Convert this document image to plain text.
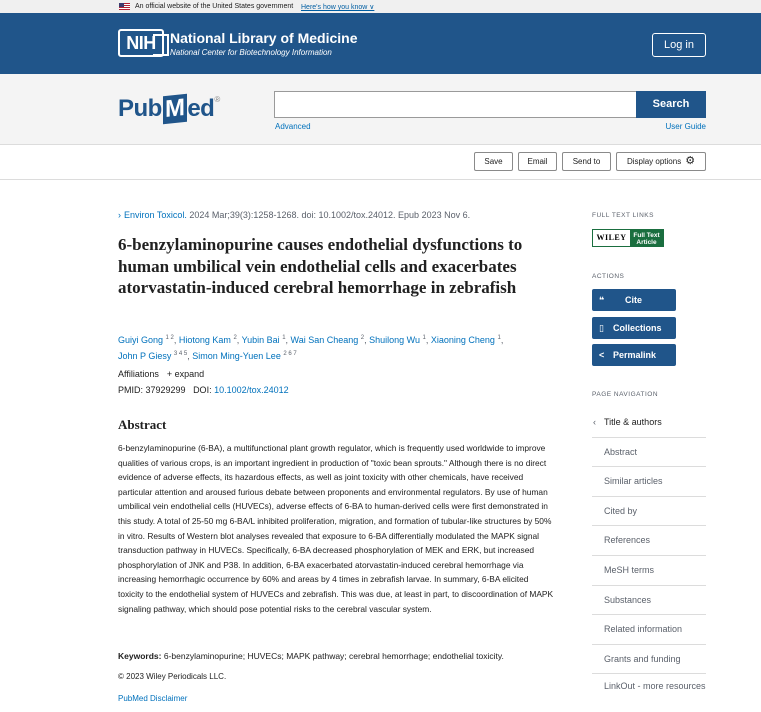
An official website of the United States government Here's how you know ∨
NIH	National Library of Medicine
National Center for Biotechnology Information
Log in
Pub M ed®	Search
Advanced	User Guide
Save	Email	Send to	Display options ⚙
› Environ Toxicol. 2024 Mar;39(3):1258-1268. doi: 10.1002/tox.24012. Epub 2023 Nov 6.
6-benzylaminopurine causes endothelial dysfunctions to human umbilical vein endothelial cells and exacerbates atorvastatin-induced cerebral hemorrhage in zebrafish
Guiyi Gong $^{1 2}$, Hiotong Kam $^2$, Yubin Bai $^1$, Wai San Cheang $^2$, Shuilong Wu $^1$, Xiaoning Cheng $^1$,
John P Giesy $^{3 4 5}$, Simon Ming-Yuen Lee $^{2 6 7}$
Affiliations + expand
PMID: 37929299 DOI: 10.1002/tox.24012
Abstract
6-benzylaminopurine (6-BA), a multifunctional plant growth regulator, which is frequently used worldwide to improve qualities of various crops, is an important ingredient in production of "toxic bean sprouts." Although there is no direct evidence of adverse effects, its hazardous effects, as well as joint toxicity with other chemicals, have received particular attention and aroused furious debate between proponents and environmental regulators. By use of human umbilical vein endothelial cells (HUVECs), adverse effects of 6-BA to human-derived cells were first demonstrated in this study. A total of 25-50 mg 6-BA/L inhibited proliferation, migration, and formation of tubular-like structures by 50% in vitro. Results of Western blot analyses revealed that exposure to 6-BA differentially modulated the MAPK signal transduction pathway in HUVECs. Specifically, 6-BA decreased phosphorylation of MEK and ERK, but increased phosphorylation of JNK and P38. In addition, 6-BA exacerbated atorvastatin-induced cerebral hemorrhage via increasing hemorrhagic occurrence by 60% and areas by 4 times in zebrafish larvae. In summary, 6-BA elicited toxicity to the endothelial system of HUVECs and zebrafish. This was due, at least in part, to discoordination of MAPK signaling pathway, which should pose potential risks to the cerebral vascular system.
Keywords: 6-benzylaminopurine; HUVECs; MAPK pathway; cerebral hemorrhage; endothelial toxicity.
© 2023 Wiley Periodicals LLC.
PubMed Disclaimer
FULL TEXT LINKS
WILEY	Full Text
Article
ACTIONS
❝ Cite
▯ Collections
< Permalink
PAGE NAVIGATION
‹ Title & authors
Abstract
Similar articles
Cited by
References
MeSH terms
Substances
Related information
Grants and funding
LinkOut - more resources
